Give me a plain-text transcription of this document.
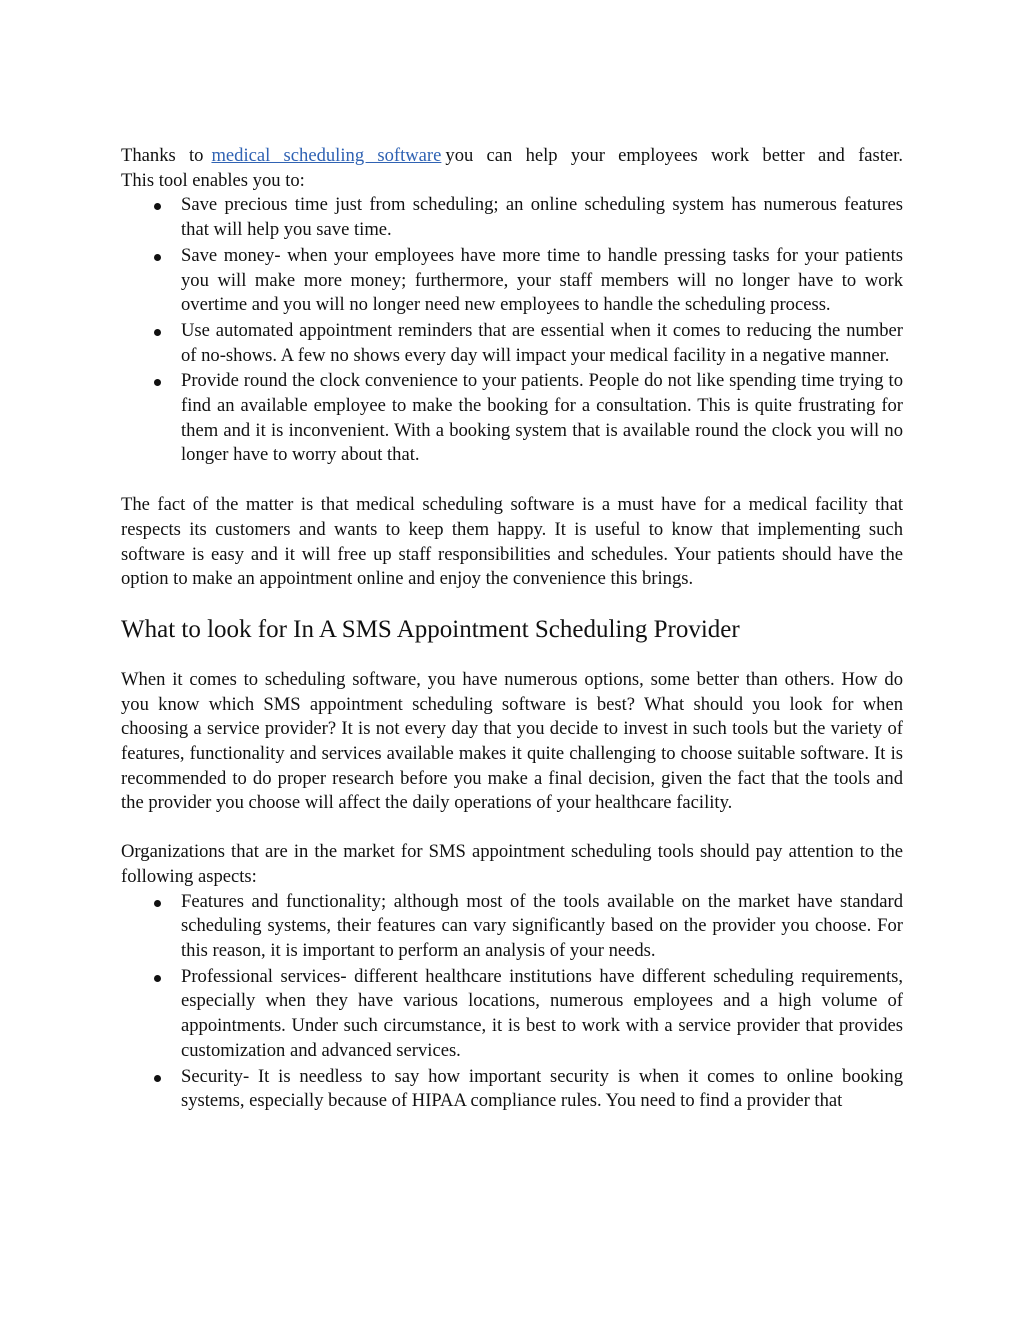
Thanks to medical scheduling software you can help your employees work better and faster.

This tool enables you to:

Save precious time just from scheduling; an online scheduling system has numerous features that will help you save time.
Save money- when your employees have more time to handle pressing tasks for your patients you will make more money; furthermore, your staff members will no longer have to work overtime and you will no longer need new employees to handle the scheduling process.
Use automated appointment reminders that are essential when it comes to reducing the number of no-shows. A few no shows every day will impact your medical facility in a negative manner.
Provide round the clock convenience to your patients. People do not like spending time trying to find an available employee to make the booking for a consultation. This is quite frustrating for them and it is inconvenient. With a booking system that is available round the clock you will no longer have to worry about that.

The fact of the matter is that medical scheduling software is a must have for a medical facility that respects its customers and wants to keep them happy. It is useful to know that implementing such software is easy and it will free up staff responsibilities and schedules. Your patients should have the option to make an appointment online and enjoy the convenience this brings.

What to look for In A SMS Appointment Scheduling Provider

When it comes to scheduling software, you have numerous options, some better than others. How do you know which SMS appointment scheduling software is best? What should you look for when choosing a service provider? It is not every day that you decide to invest in such tools but the variety of features, functionality and services available makes it quite challenging to choose suitable software. It is recommended to do proper research before you make a final decision, given the fact that the tools and the provider you choose will affect the daily operations of your healthcare facility.

Organizations that are in the market for SMS appointment scheduling tools should pay attention to the following aspects:

Features and functionality; although most of the tools available on the market have standard scheduling systems, their features can vary significantly based on the provider you choose. For this reason, it is important to perform an analysis of your needs.
Professional services- different healthcare institutions have different scheduling requirements, especially when they have various locations, numerous employees and a high volume of appointments. Under such circumstance, it is best to work with a service provider that provides customization and advanced services.
Security- It is needless to say how important security is when it comes to online booking systems, especially because of HIPAA compliance rules. You need to find a provider that
